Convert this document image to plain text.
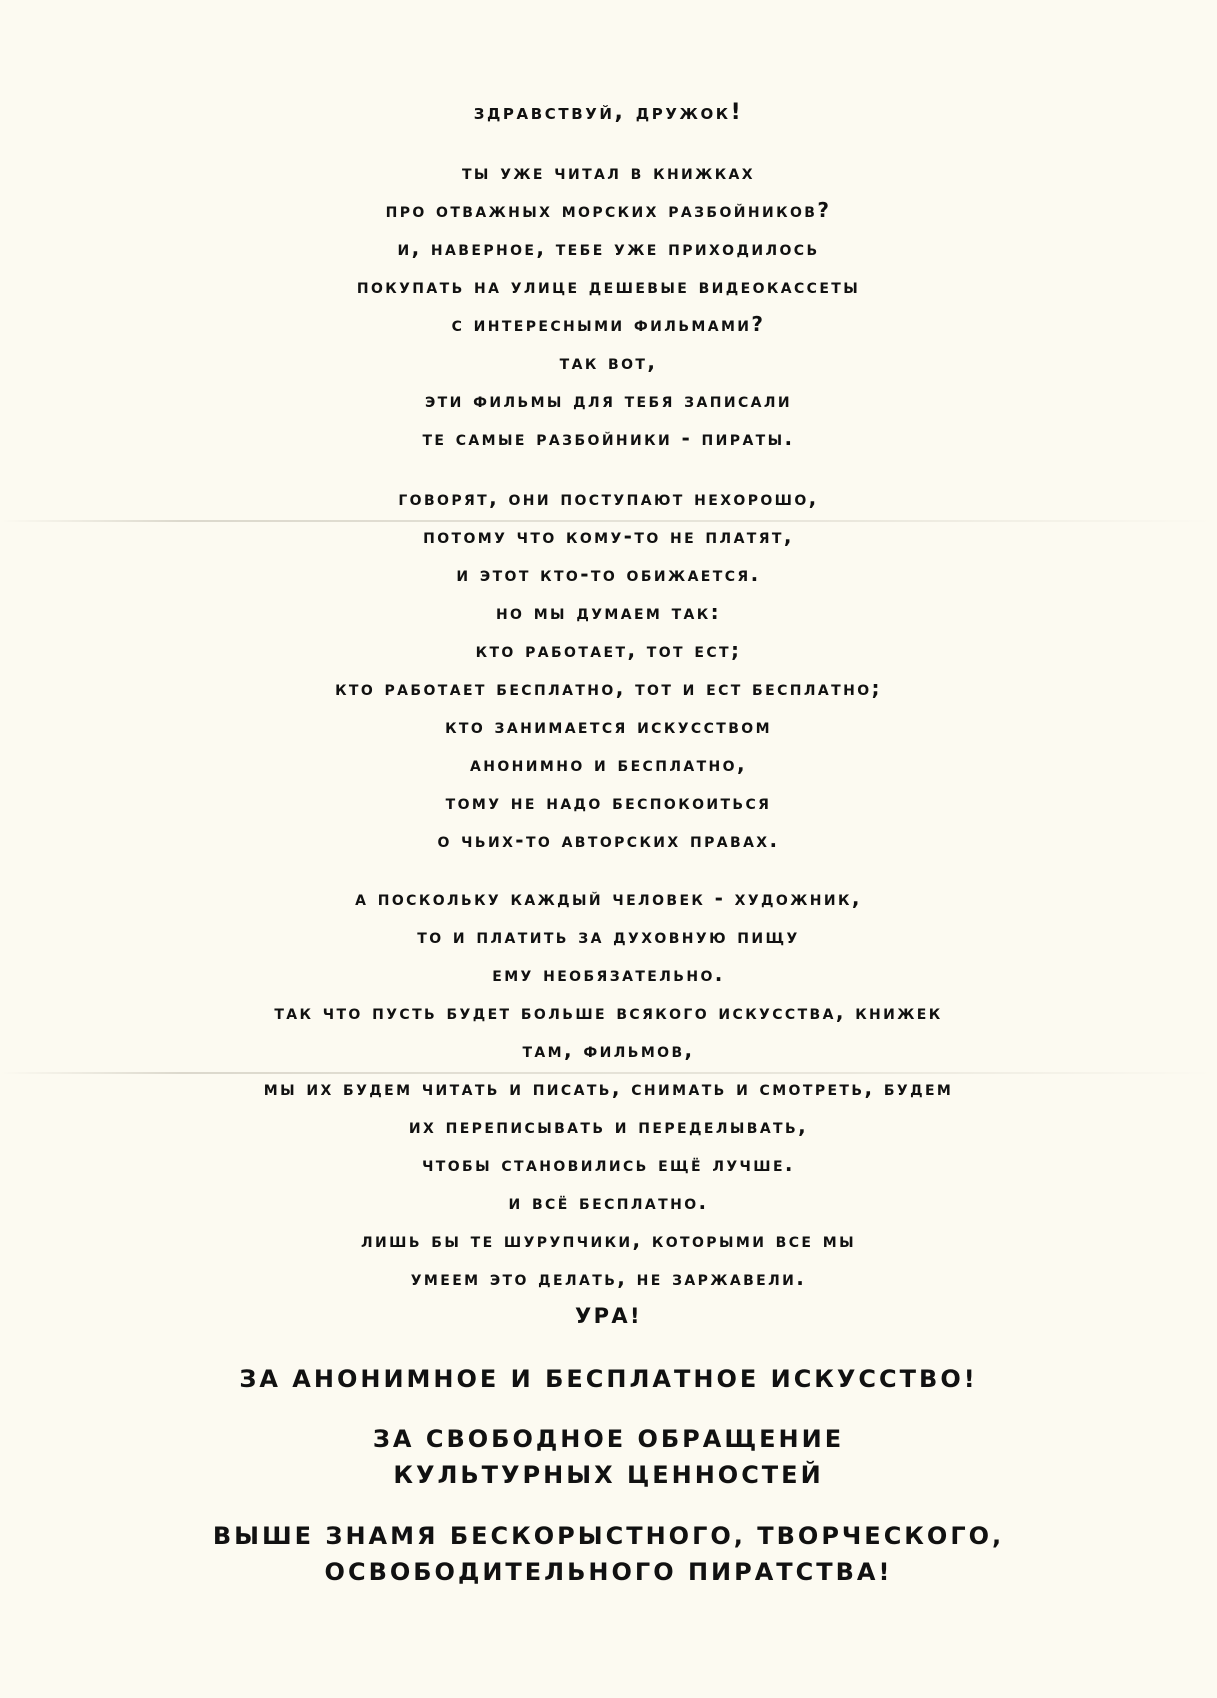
здравствуй, дружок!
ты уже читал в книжках
про отважных морских разбойников?
и, наверное, тебе уже приходилось
покупать на улице дешевые видеокассеты
с интересными фильмами?
так вот,
эти фильмы для тебя записали
те самые разбойники - пираты.
говорят, они поступают нехорошо,
потому что кому-то не платят,
и этот кто-то обижается.
но мы думаем так:
кто работает, тот ест;
кто работает бесплатно, тот и ест бесплатно;
кто занимается искусством
анонимно и бесплатно,
тому не надо беспокоиться
о чьих-то авторских правах.
а поскольку каждый человек - художник,
то и платить за духовную пищу
ему необязательно.
так что пусть будет больше всякого искусства, книжек
там, фильмов,
мы их будем читать и писать, снимать и смотреть, будем
их переписывать и переделывать,
чтобы становились ещё лучше.
и всё бесплатно.
лишь бы те шурупчики, которыми все мы
умеем это делать, не заржавели.
УРА!
ЗА АНОНИМНОЕ И БЕСПЛАТНОЕ ИСКУССТВО!
ЗА СВОБОДНОЕ ОБРАЩЕНИЕ
КУЛЬТУРНЫХ ЦЕННОСТЕЙ
ВЫШЕ ЗНАМЯ БЕСКОРЫСТНОГО, ТВОРЧЕСКОГО,
ОСВОБОДИТЕЛЬНОГО ПИРАТСТВА!
